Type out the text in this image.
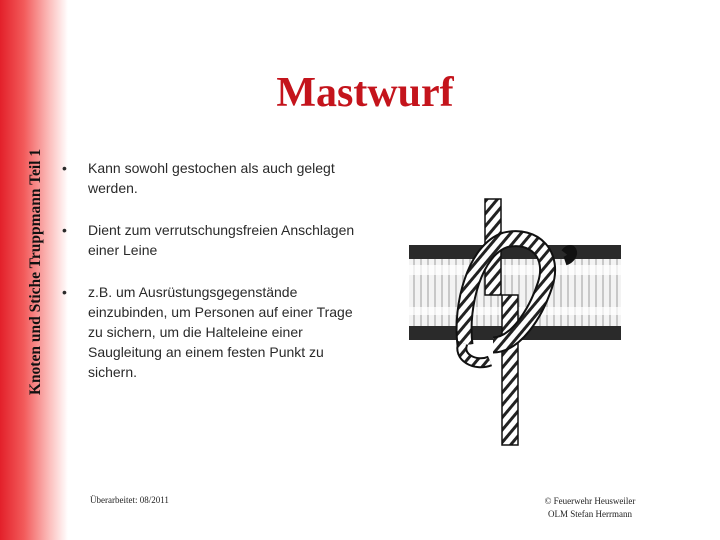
Knoten und Stiche Truppmann Teil 1
Mastwurf
• Kann sowohl gestochen als auch gelegt werden.
• Dient zum verrutschungsfreien Anschlagen einer Leine
• z.B. um Ausrüstungsgegenstände einzubinden, um Personen auf einer Trage zu sichern, um die Halteleine einer Saugleitung an einem festen Punkt zu sichern.
Überarbeitet: 08/2011	© Feuerwehr Heusweiler
OLM Stefan Herrmann
